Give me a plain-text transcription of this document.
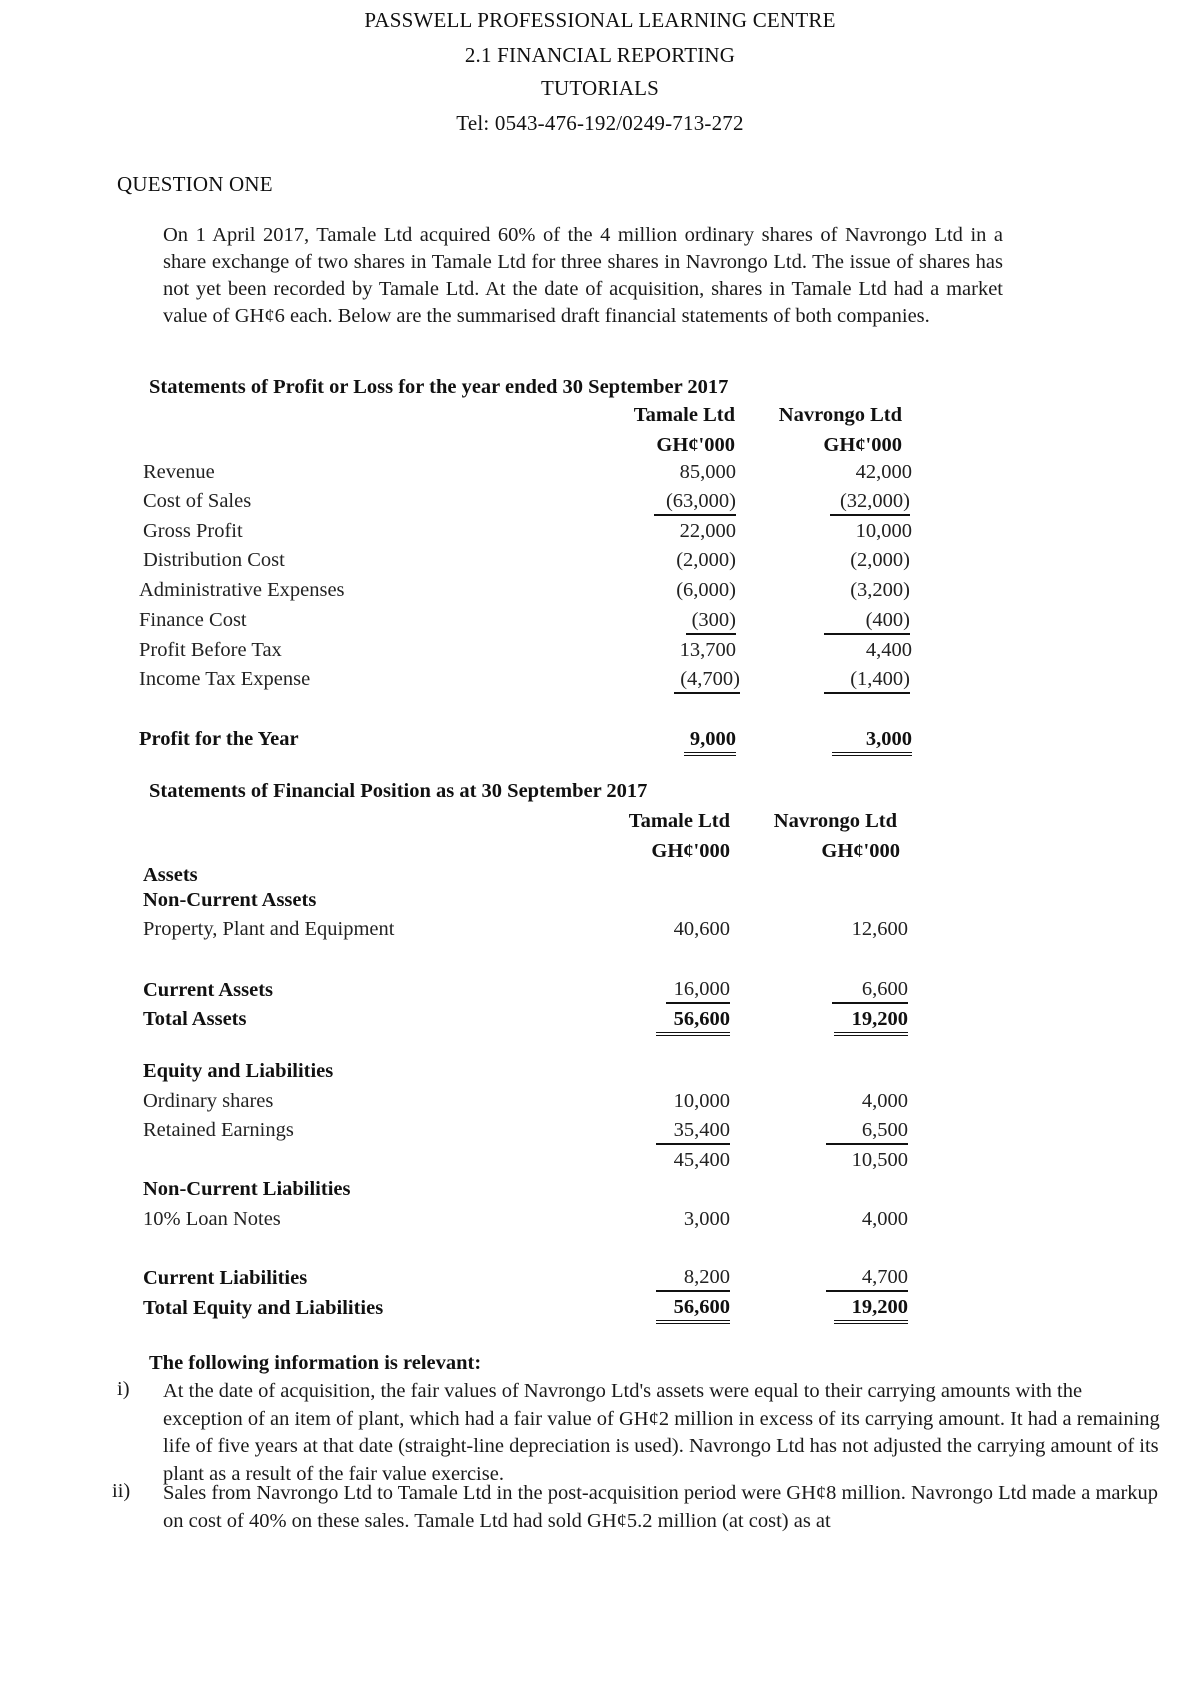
PASSWELL PROFESSIONAL LEARNING CENTRE
2.1 FINANCIAL REPORTING
TUTORIALS
Tel: 0543-476-192/0249-713-272
QUESTION ONE
On 1 April 2017, Tamale Ltd acquired 60% of the 4 million ordinary shares of Navrongo Ltd in a share exchange of two shares in Tamale Ltd for three shares in Navrongo Ltd. The issue of shares has not yet been recorded by Tamale Ltd. At the date of acquisition, shares in Tamale Ltd had a market value of GH¢6 each. Below are the summarised draft financial statements of both companies.
Statements of Profit or Loss for the year ended 30 September 2017
Tamale Ltd	Navrongo Ltd
GH¢'000	GH¢'000
Revenue	85,000	42,000
Cost of Sales	(63,000)	(32,000)
Gross Profit	22,000	10,000
Distribution Cost	(2,000)	(2,000)
Administrative Expenses	(6,000)	(3,200)
Finance Cost	(300)	(400)
Profit Before Tax	13,700	4,400
Income Tax Expense	(4,700)	(1,400)
Profit for the Year	9,000	3,000
Statements of Financial Position as at 30 September 2017
Tamale Ltd	Navrongo Ltd
GH¢'000	GH¢'000
Assets
Non-Current Assets
Property, Plant and Equipment	40,600	12,600
Current Assets	16,000	6,600
Total Assets	56,600	19,200
Equity and Liabilities
Ordinary shares	10,000	4,000
Retained Earnings	35,400	6,500
45,400	10,500
Non-Current Liabilities
10% Loan Notes	3,000	4,000
Current Liabilities	8,200	4,700
Total Equity and Liabilities	56,600	19,200
The following information is relevant:
i) At the date of acquisition, the fair values of Navrongo Ltd's assets were equal to their carrying amounts with the exception of an item of plant, which had a fair value of GH¢2 million in excess of its carrying amount. It had a remaining life of five years at that date (straight-line depreciation is used). Navrongo Ltd has not adjusted the carrying amount of its plant as a result of the fair value exercise.
ii) Sales from Navrongo Ltd to Tamale Ltd in the post-acquisition period were GH¢8 million. Navrongo Ltd made a markup on cost of 40% on these sales. Tamale Ltd had sold GH¢5.2 million (at cost) as at
